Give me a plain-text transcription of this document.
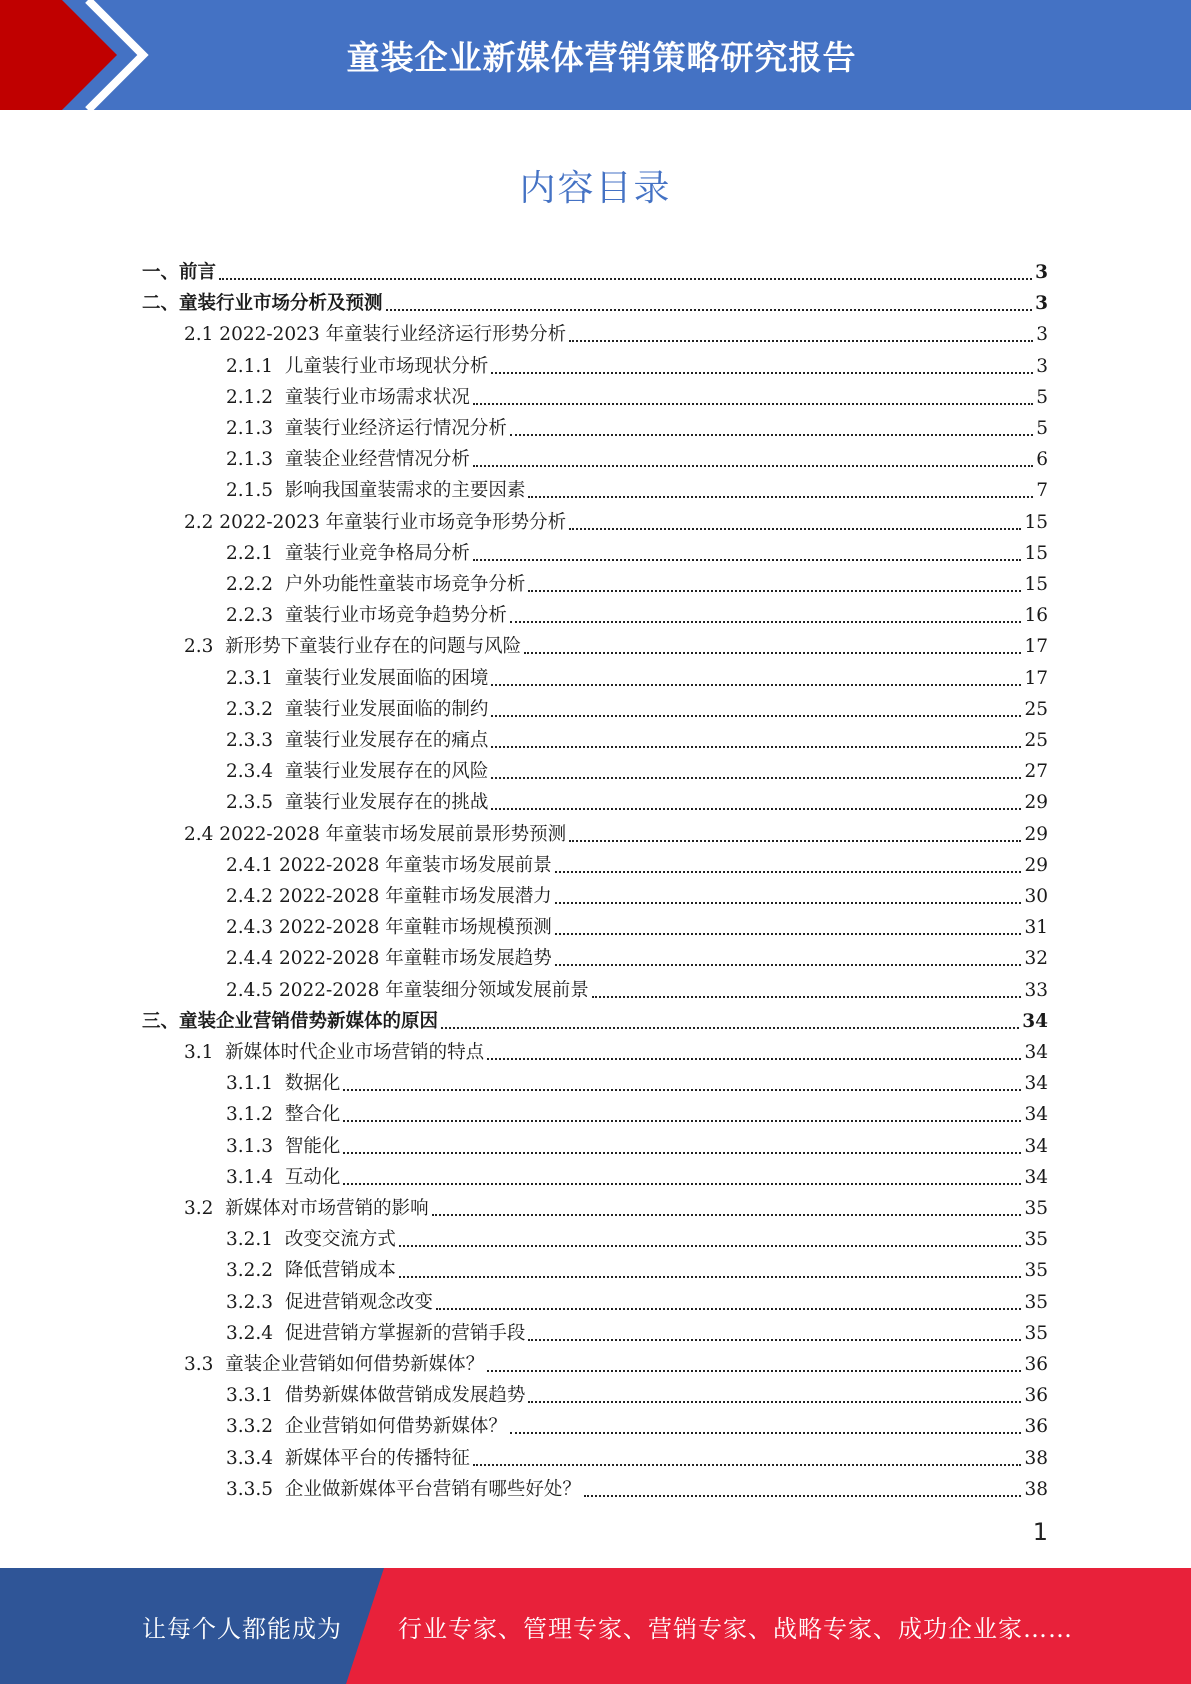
童装企业新媒体营销策略研究报告
内容目录
一、前言	3
二、童装行业市场分析及预测	3
2.1 2022-2023 年童装行业经济运行形势分析	3
2.1.1  儿童装行业市场现状分析	3
2.1.2  童装行业市场需求状况	5
2.1.3  童装行业经济运行情况分析	5
2.1.3  童装企业经营情况分析	6
2.1.5  影响我国童装需求的主要因素	7
2.2 2022-2023 年童装行业市场竞争形势分析	15
2.2.1  童装行业竞争格局分析	15
2.2.2  户外功能性童装市场竞争分析	15
2.2.3  童装行业市场竞争趋势分析	16
2.3  新形势下童装行业存在的问题与风险	17
2.3.1  童装行业发展面临的困境	17
2.3.2  童装行业发展面临的制约	25
2.3.3  童装行业发展存在的痛点	25
2.3.4  童装行业发展存在的风险	27
2.3.5  童装行业发展存在的挑战	29
2.4 2022-2028 年童装市场发展前景形势预测	29
2.4.1 2022-2028 年童装市场发展前景	29
2.4.2 2022-2028 年童鞋市场发展潜力	30
2.4.3 2022-2028 年童鞋市场规模预测	31
2.4.4 2022-2028 年童鞋市场发展趋势	32
2.4.5 2022-2028 年童装细分领域发展前景	33
三、童装企业营销借势新媒体的原因	34
3.1  新媒体时代企业市场营销的特点	34
3.1.1  数据化	34
3.1.2  整合化	34
3.1.3  智能化	34
3.1.4  互动化	34
3.2  新媒体对市场营销的影响	35
3.2.1  改变交流方式	35
3.2.2  降低营销成本	35
3.2.3  促进营销观念改变	35
3.2.4  促进营销方掌握新的营销手段	35
3.3  童装企业营销如何借势新媒体？	36
3.3.1  借势新媒体做营销成发展趋势	36
3.3.2  企业营销如何借势新媒体？	36
3.3.4  新媒体平台的传播特征	38
3.3.5  企业做新媒体平台营销有哪些好处？	38
1
让每个人都能成为 行业专家、管理专家、营销专家、战略专家、成功企业家……
